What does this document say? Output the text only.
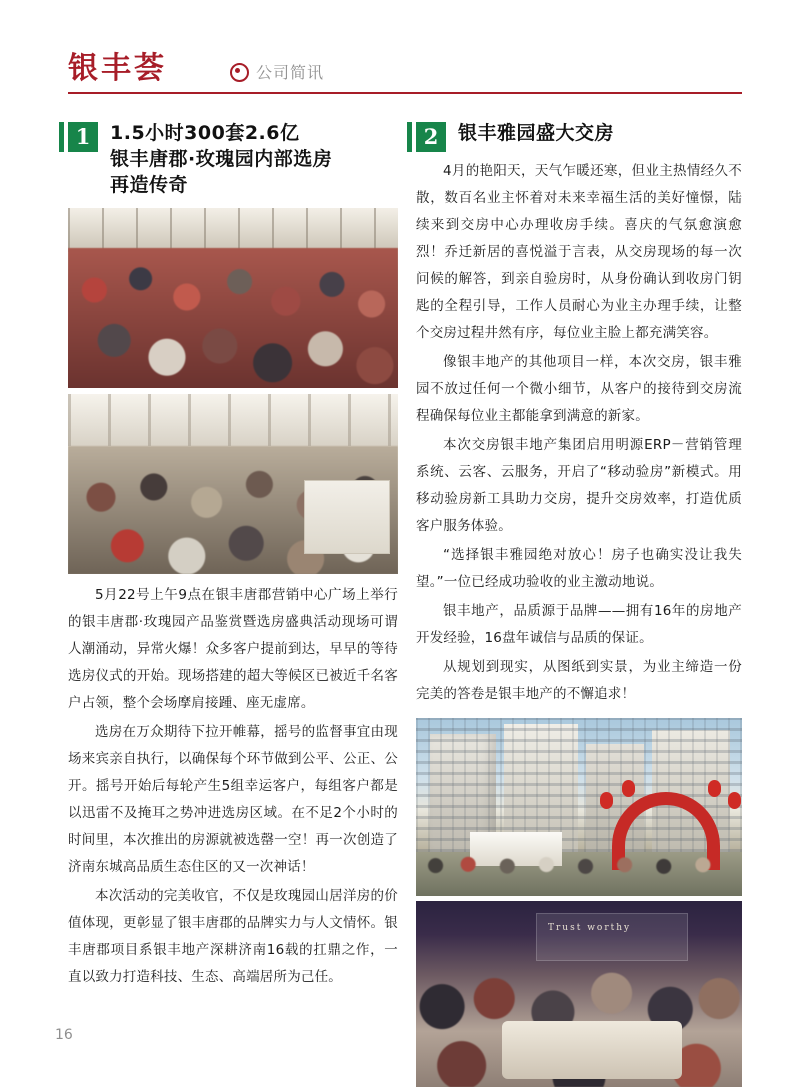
银丰荟	公司简讯
1	1.5小时300套2.6亿
银丰唐郡·玫瑰园内部选房
再造传奇

5月22号上午9点在银丰唐郡营销中心广场上举行的银丰唐郡·玫瑰园产品鉴赏暨选房盛典活动现场可谓人潮涌动，异常火爆！众多客户提前到达，早早的等待选房仪式的开始。现场搭建的超大等候区已被近千名客户占领，整个会场摩肩接踵、座无虚席。

选房在万众期待下拉开帷幕，摇号的监督事宜由现场来宾亲自执行，以确保每个环节做到公平、公正、公开。摇号开始后每轮产生5组幸运客户，每组客户都是以迅雷不及掩耳之势冲进选房区域。在不足2个小时的时间里，本次推出的房源就被选罄一空！再一次创造了济南东城高品质生态住区的又一次神话！

本次活动的完美收官，不仅是玫瑰园山居洋房的价值体现，更彰显了银丰唐郡的品牌实力与人文情怀。银丰唐郡项目系银丰地产深耕济南16载的扛鼎之作，一直以致力打造科技、生态、高端居所为己任。

2	银丰雅园盛大交房

4月的艳阳天，天气乍暖还寒，但业主热情经久不散，数百名业主怀着对未来幸福生活的美好憧憬，陆续来到交房中心办理收房手续。喜庆的气氛愈演愈烈！乔迁新居的喜悦溢于言表，从交房现场的每一次问候的解答，到亲自验房时，从身份确认到收房门钥匙的全程引导，工作人员耐心为业主办理手续，让整个交房过程井然有序，每位业主脸上都充满笑容。

像银丰地产的其他项目一样，本次交房，银丰雅园不放过任何一个微小细节，从客户的接待到交房流程确保每位业主都能拿到满意的新家。

本次交房银丰地产集团启用明源ERP－营销管理系统、云客、云服务，开启了“移动验房”新模式。用移动验房新工具助力交房，提升交房效率，打造优质客户服务体验。

“选择银丰雅园绝对放心！房子也确实没让我失望。”一位已经成功验收的业主激动地说。

银丰地产，品质源于品牌——拥有16年的房地产开发经验，16盘年诚信与品质的保证。

从规划到现实，从图纸到实景，为业主缔造一份完美的答卷是银丰地产的不懈追求！

Trust worthy
16
